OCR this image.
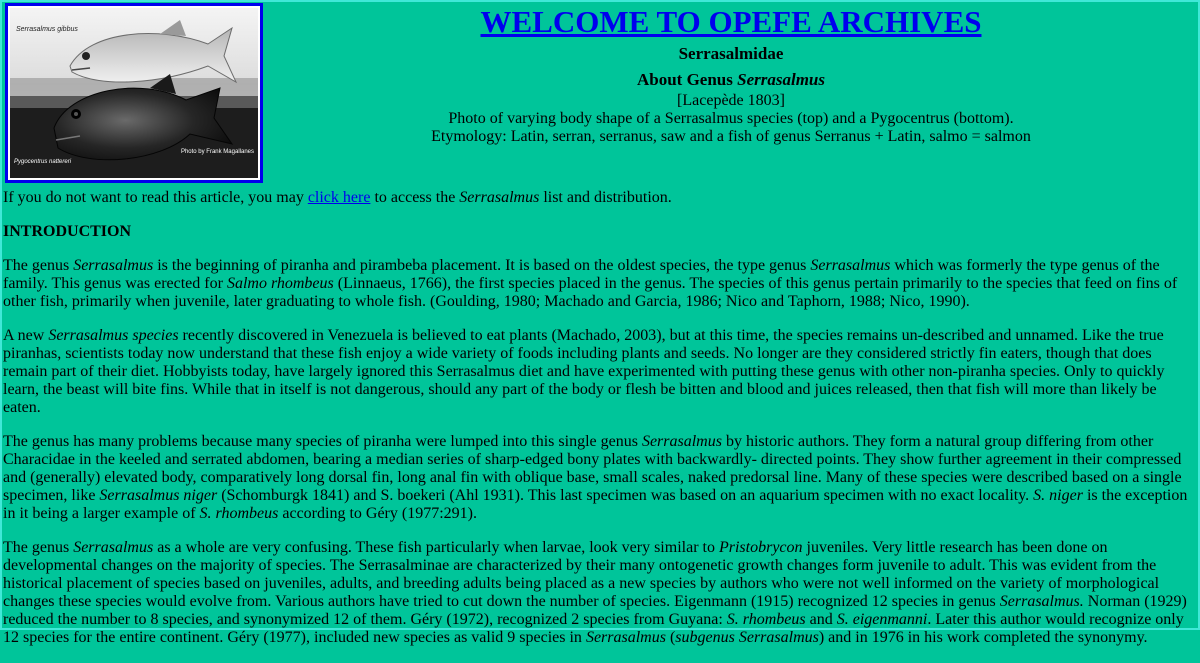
Serrasalmus gibbus
Photo by Frank Magallanes
Pygocentrus nattereri
WELCOME TO OPEFE ARCHIVES
Serrasalmidae
About Genus Serrasalmus
[Lacepède 1803]
Photo of varying body shape of a Serrasalmus species (top) and a Pygocentrus (bottom).
Etymology: Latin, serran, serranus, saw and a fish of genus Serranus + Latin, salmo = salmon

If you do not want to read this article, you may click here to access the Serrasalmus list and distribution.

INTRODUCTION

The genus Serrasalmus is the beginning of piranha and pirambeba placement. It is based on the oldest species, the type genus Serrasalmus which was formerly the type genus of the family. This genus was erected for Salmo rhombeus (Linnaeus, 1766), the first species placed in the genus. The species of this genus pertain primarily to the species that feed on fins of other fish, primarily when juvenile, later graduating to whole fish. (Goulding, 1980; Machado and Garcia, 1986; Nico and Taphorn, 1988; Nico, 1990).

A new Serrasalmus species recently discovered in Venezuela is believed to eat plants (Machado, 2003), but at this time, the species remains un-described and unnamed. Like the true piranhas, scientists today now understand that these fish enjoy a wide variety of foods including plants and seeds. No longer are they considered strictly fin eaters, though that does remain part of their diet. Hobbyists today, have largely ignored this Serrasalmus diet and have experimented with putting these genus with other non-piranha species. Only to quickly learn, the beast will bite fins. While that in itself is not dangerous, should any part of the body or flesh be bitten and blood and juices released, then that fish will more than likely be eaten.

The genus has many problems because many species of piranha were lumped into this single genus Serrasalmus by historic authors. They form a natural group differing from other Characidae in the keeled and serrated abdomen, bearing a median series of sharp-edged bony plates with backwardly- directed points. They show further agreement in their compressed and (generally) elevated body, comparatively long dorsal fin, long anal fin with oblique base, small scales, naked predorsal line. Many of these species were described based on a single specimen, like Serrasalmus niger (Schomburgk 1841) and S. boekeri (Ahl 1931). This last specimen was based on an aquarium specimen with no exact locality. S. niger is the exception in it being a larger example of S. rhombeus according to Géry (1977:291).

The genus Serrasalmus as a whole are very confusing. These fish particularly when larvae, look very similar to Pristobrycon juveniles. Very little research has been done on developmental changes on the majority of species. The Serrasalminae are characterized by their many ontogenetic growth changes form juvenile to adult. This was evident from the historical placement of species based on juveniles, adults, and breeding adults being placed as a new species by authors who were not well informed on the variety of morphological changes these species would evolve from. Various authors have tried to cut down the number of species. Eigenmann (1915) recognized 12 species in genus Serrasalmus. Norman (1929) reduced the number to 8 species, and synonymized 12 of them. Géry (1972), recognized 2 species from Guyana: S. rhombeus and S. eigenmanni. Later this author would recognize only 12 species for the entire continent. Géry (1977), included new species as valid 9 species in Serrasalmus (subgenus Serrasalmus) and in 1976 in his work completed the synonymy.
